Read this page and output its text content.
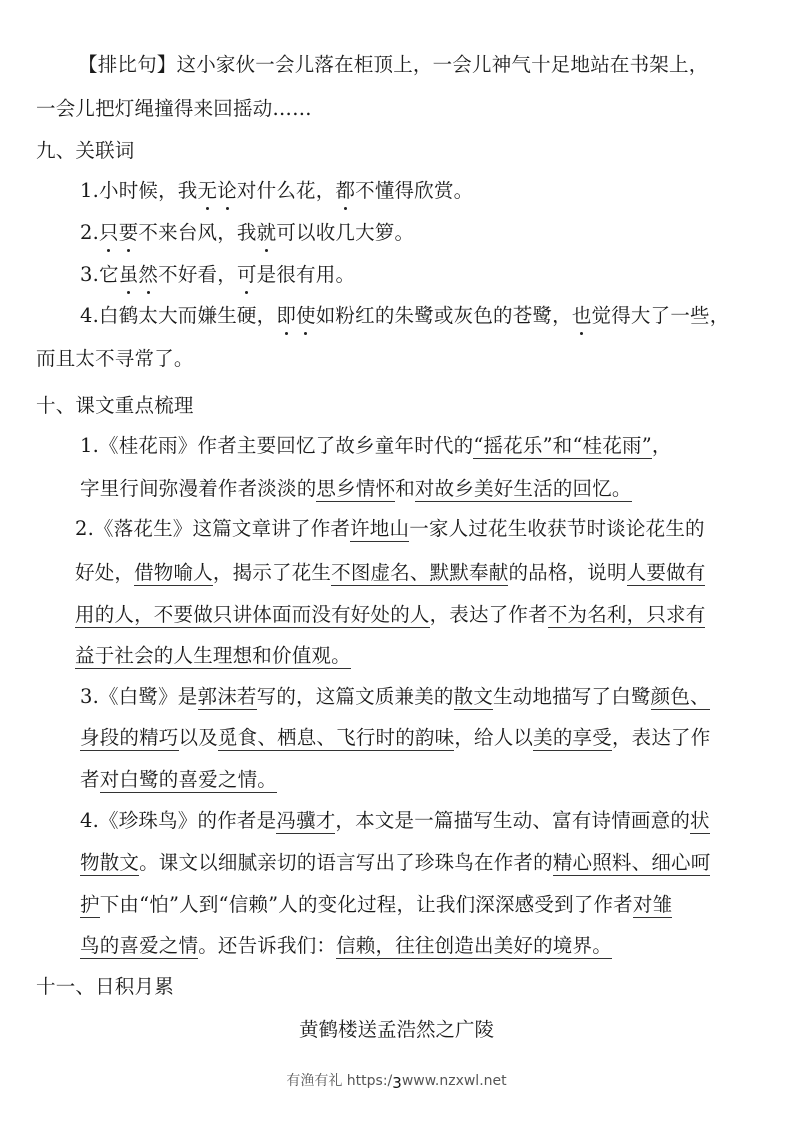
【排比句】这小家伙一会儿落在柜顶上，一会儿神气十足地站在书架上，
一会儿把灯绳撞得来回摇动……
九、关联词
1.小时候，我无论对什么花，都不懂得欣赏。
2.只要不来台风，我就可以收几大箩。
3.它虽然不好看，可是很有用。
4.白鹤太大而嫌生硬，即使如粉红的朱鹭或灰色的苍鹭，也觉得大了一些，
而且太不寻常了。
十、课文重点梳理
1.《桂花雨》作者主要回忆了故乡童年时代的“摇花乐”和“桂花雨”，
字里行间弥漫着作者淡淡的思乡情怀和对故乡美好生活的回忆。
2.《落花生》这篇文章讲了作者许地山一家人过花生收获节时谈论花生的
好处，借物喻人，揭示了花生不图虚名、默默奉献的品格，说明人要做有
用的人，不要做只讲体面而没有好处的人，表达了作者不为名利，只求有
益于社会的人生理想和价值观。
3.《白鹭》是郭沫若写的，这篇文质兼美的散文生动地描写了白鹭颜色、
身段的精巧以及觅食、栖息、飞行时的韵味，给人以美的享受，表达了作
者对白鹭的喜爱之情。
4.《珍珠鸟》的作者是冯骥才，本文是一篇描写生动、富有诗情画意的状
物散文。课文以细腻亲切的语言写出了珍珠鸟在作者的精心照料、细心呵
护下由“怕”人到“信赖”人的变化过程，让我们深深感受到了作者对雏
鸟的喜爱之情。还告诉我们：信赖，往往创造出美好的境界。
十一、日积月累
黄鹤楼送孟浩然之广陵
有渔有礼 https:/3www.nzxwl.net
